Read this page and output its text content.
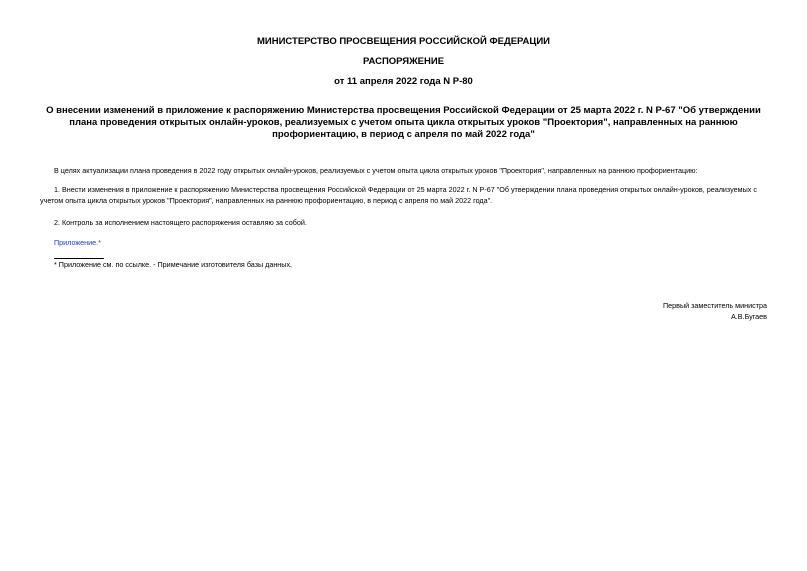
МИНИСТЕРСТВО ПРОСВЕЩЕНИЯ РОССИЙСКОЙ ФЕДЕРАЦИИ
РАСПОРЯЖЕНИЕ
от 11 апреля 2022 года N Р-80
О внесении изменений в приложение к распоряжению Министерства просвещения Российской Федерации от 25 марта 2022 г. N Р-67 "Об утверждении плана проведения открытых онлайн-уроков, реализуемых с учетом опыта цикла открытых уроков "Проектория", направленных на раннюю профориентацию, в период с апреля по май 2022 года"

В целях актуализации плана проведения в 2022 году открытых онлайн-уроков, реализуемых с учетом опыта цикла открытых уроков "Проектория", направленных на раннюю профориентацию:

1. Внести изменения в приложение к распоряжению Министерства просвещения Российской Федерации от 25 марта 2022 г. N Р-67 "Об утверждении плана проведения открытых онлайн-уроков, реализуемых с учетом опыта цикла открытых уроков "Проектория", направленных на раннюю профориентацию, в период с апреля по май 2022 года".

2. Контроль за исполнением настоящего распоряжения оставляю за собой.

Приложение.*

* Приложение см. по ссылке. - Примечание изготовителя базы данных.

Первый заместитель министра
А.В.Бугаев
